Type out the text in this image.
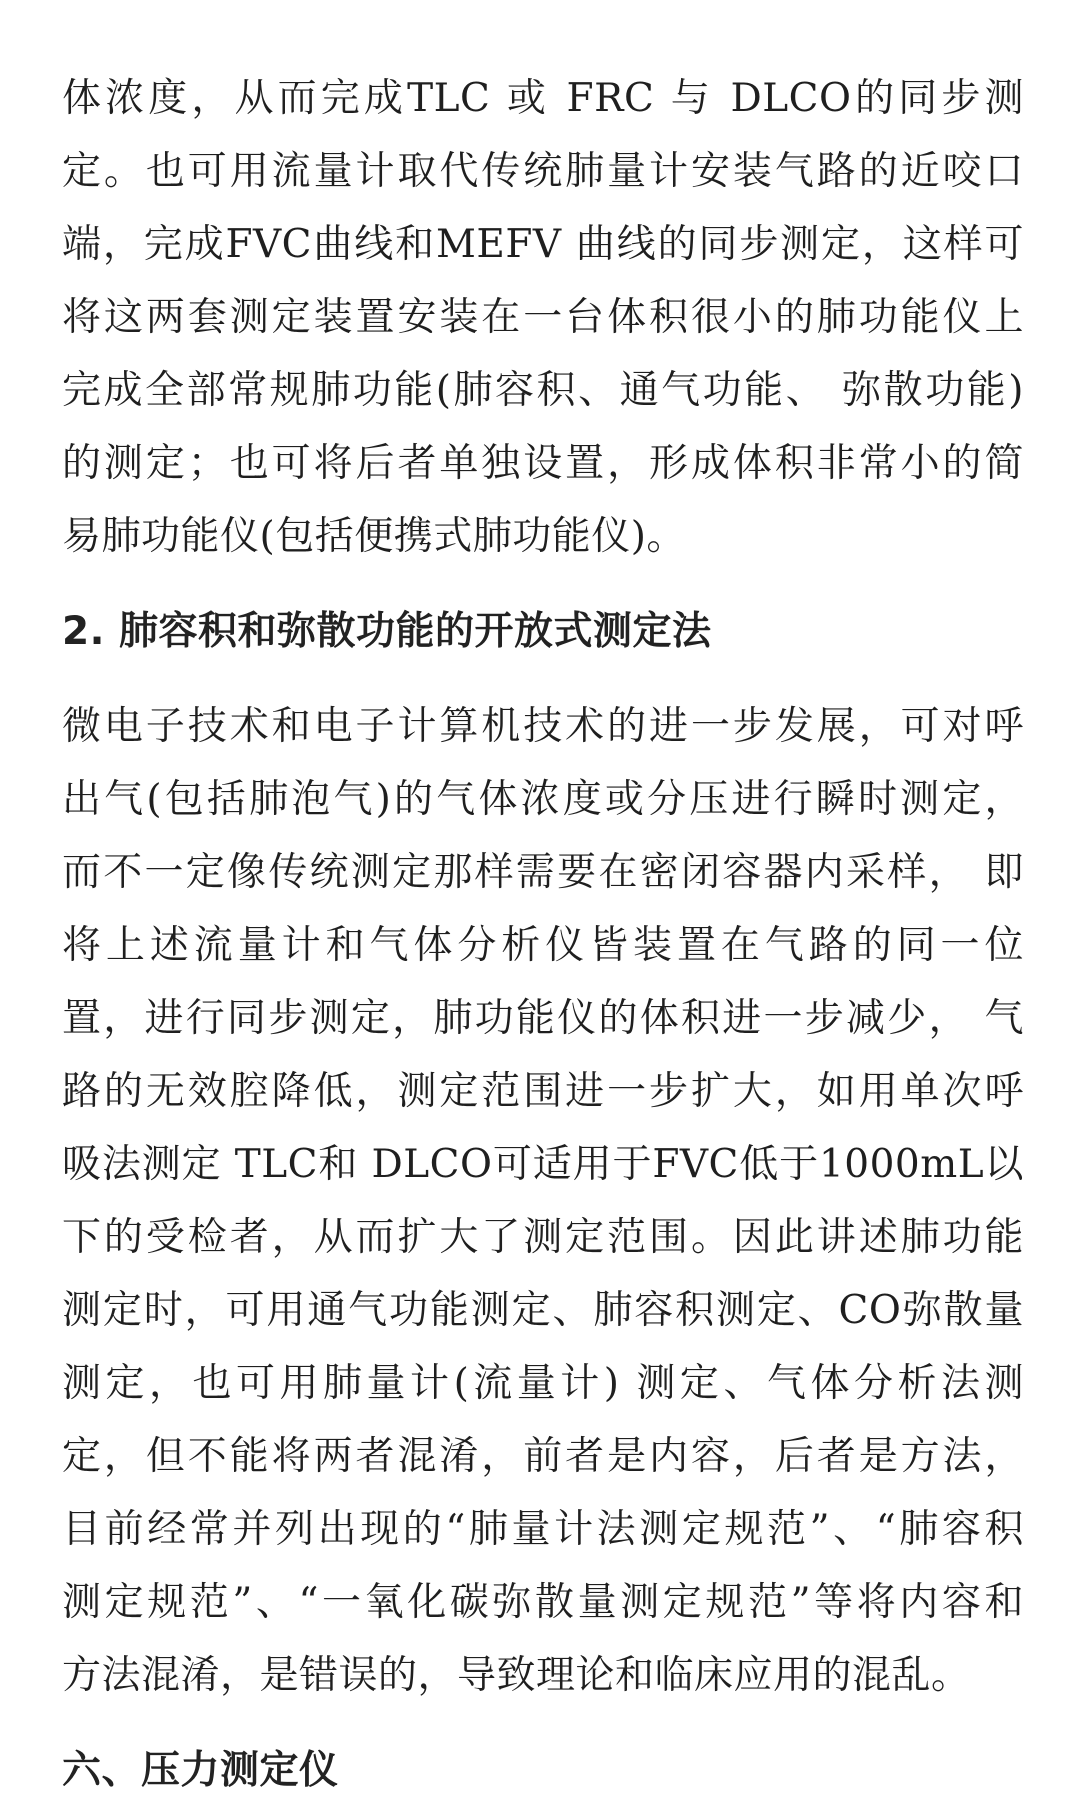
体浓度，从而完成TLC 或 FRC 与 DLCO的同步测
定。也可用流量计取代传统肺量计安装气路的近咬口
端，完成FVC曲线和MEFV 曲线的同步测定，这样可
将这两套测定装置安装在一台体积很小的肺功能仪上
完成全部常规肺功能(肺容积、通气功能、 弥散功能)
的测定；也可将后者单独设置，形成体积非常小的简
易肺功能仪(包括便携式肺功能仪)。

2. 肺容积和弥散功能的开放式测定法

微电子技术和电子计算机技术的进一步发展，可对呼
出气(包括肺泡气)的气体浓度或分压进行瞬时测定，
而不一定像传统测定那样需要在密闭容器内采样， 即
将上述流量计和气体分析仪皆装置在气路的同一位
置，进行同步测定，肺功能仪的体积进一步减少， 气
路的无效腔降低，测定范围进一步扩大，如用单次呼
吸法测定 TLC和 DLCO可适用于FVC低于1000mL以
下的受检者，从而扩大了测定范围。因此讲述肺功能
测定时，可用通气功能测定、肺容积测定、CO弥散量
测定，也可用肺量计(流量计) 测定、气体分析法测
定，但不能将两者混淆，前者是内容，后者是方法，
目前经常并列出现的“肺量计法测定规范”、“肺容积
测定规范”、“一氧化碳弥散量测定规范”等将内容和
方法混淆，是错误的，导致理论和临床应用的混乱。

六、压力测定仪
